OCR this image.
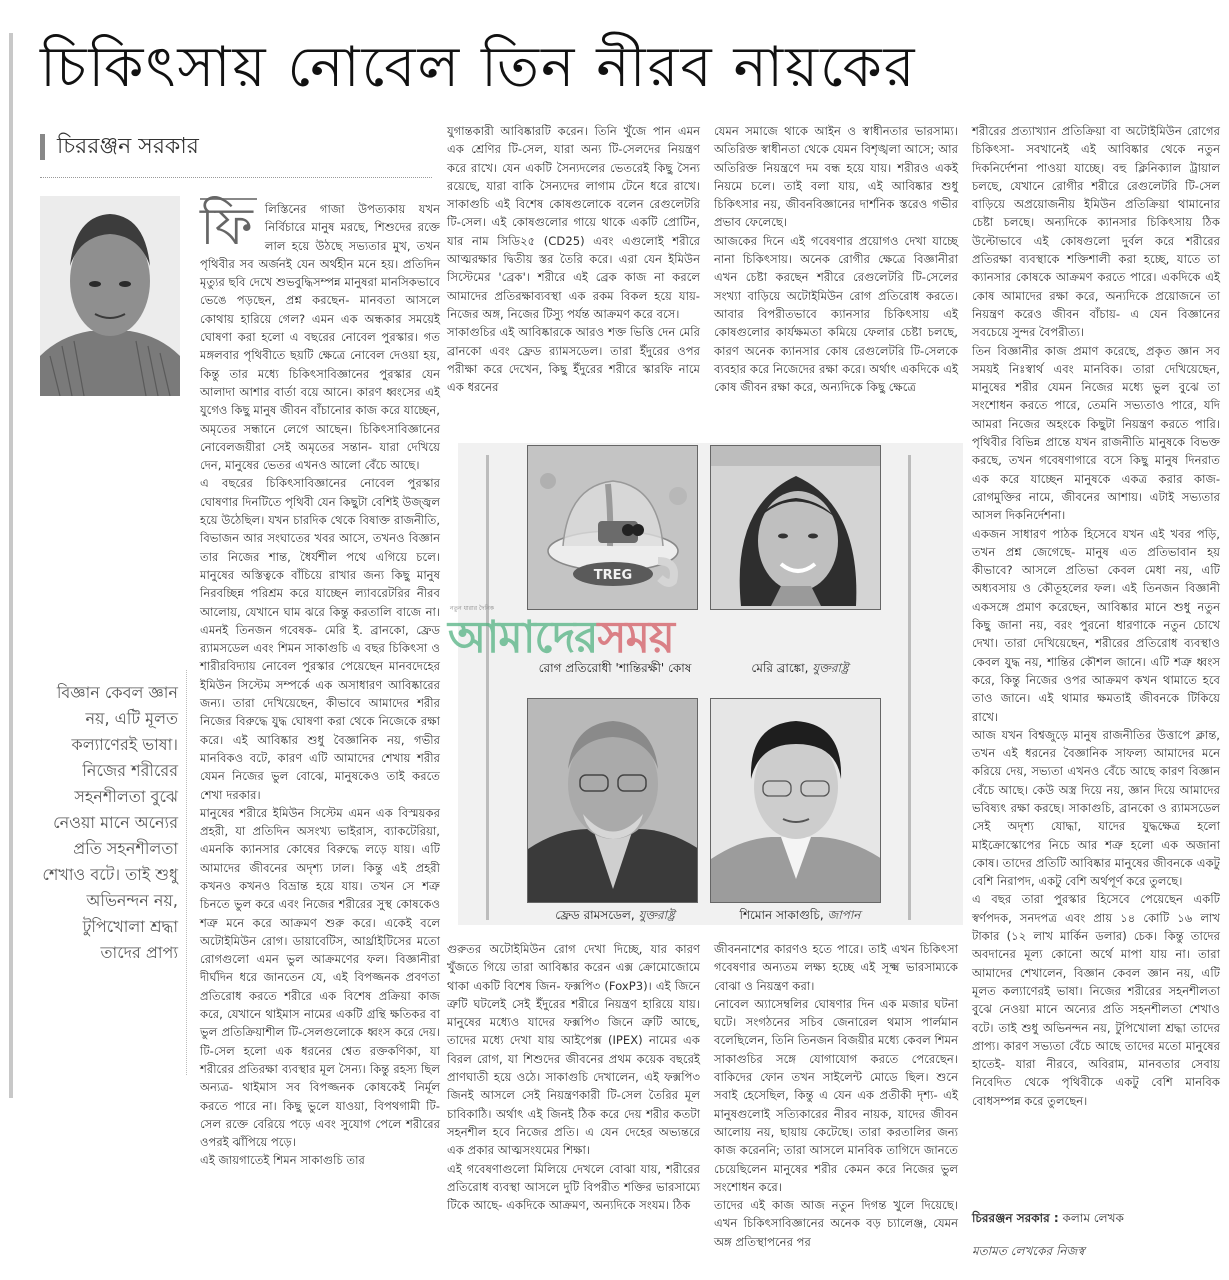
চিকিৎসায় নোবেল তিন নীরব নায়কের
চিররঞ্জন সরকার
বিজ্ঞান কেবল জ্ঞান নয়, এটি মূলত কল্যাণেরই ভাষা। নিজের শরীরের সহনশীলতা বুঝে নেওয়া মানে অন্যের প্রতি সহনশীলতা শেখাও বটে। তাই শুধু অভিনন্দন নয়, টুপিখোলা শ্রদ্ধা তাদের প্রাপ্য
ফি	লিস্তিনের গাজা উপত্যকায় যখন নির্বিচারে মানুষ মরছে, শিশুদের রক্তে লাল হয়ে উঠছে সভ্যতার মুখ, তখন পৃথিবীর সব অর্জনই যেন অর্থহীন মনে হয়। প্রতিদিন মৃত্যুর ছবি দেখে শুভবুদ্ধিসম্পন্ন মানুষরা মানসিকভাবে ভেঙে পড়ছেন, প্রশ্ন করছেন- মানবতা আসলে কোথায় হারিয়ে গেল? এমন এক অন্ধকার সময়েই ঘোষণা করা হলো এ বছরের নোবেল পুরস্কার। গত মঙ্গলবার পৃথিবীতে ছয়টি ক্ষেত্রে নোবেল দেওয়া হয়, কিন্তু তার মধ্যে চিকিৎসাবিজ্ঞানের পুরস্কার যেন আলাদা আশার বার্তা বয়ে আনে। কারণ ধ্বংসের এই যুগেও কিছু মানুষ জীবন বাঁচানোর কাজ করে যাচ্ছেন, অমৃতের সন্ধানে লেগে আছেন। চিকিৎসাবিজ্ঞানের নোবেলজয়ীরা সেই অমৃতের সন্তান- যারা দেখিয়ে দেন, মানুষের ভেতর এখনও আলো বেঁচে আছে।

এ বছরের চিকিৎসাবিজ্ঞানের নোবেল পুরস্কার ঘোষণার দিনটিতে পৃথিবী যেন কিছুটা বেশিই উজ্জ্বল হয়ে উঠেছিল। যখন চারদিক থেকে বিষাক্ত রাজনীতি, বিভাজন আর সংঘাতের খবর আসে, তখনও বিজ্ঞান তার নিজের শান্ত, ধৈর্যশীল পথে এগিয়ে চলে। মানুষের অস্তিত্বকে বাঁচিয়ে রাখার জন্য কিছু মানুষ নিরবচ্ছিন্ন পরিশ্রম করে যাচ্ছেন ল্যাবরেটরির নীরব আলোয়, যেখানে ঘাম ঝরে কিন্তু করতালি বাজে না। এমনই তিনজন গবেষক- মেরি ই. ব্রানকো, ফ্রেড র‍্যামসডেল এবং শিমন সাকাগুচি এ বছর চিকিৎসা ও শারীরবিদ্যায় নোবেল পুরস্কার পেয়েছেন মানবদেহের ইমিউন সিস্টেম সম্পর্কে এক অসাধারণ আবিষ্কারের জন্য। তারা দেখিয়েছেন, কীভাবে আমাদের শরীর নিজের বিরুদ্ধে যুদ্ধ ঘোষণা করা থেকে নিজেকে রক্ষা করে। এই আবিষ্কার শুধু বৈজ্ঞানিক নয়, গভীর মানবিকও বটে, কারণ এটি আমাদের শেখায় শরীর যেমন নিজের ভুল বোঝে, মানুষকেও তাই করতে শেখা দরকার।

মানুষের শরীরে ইমিউন সিস্টেম এমন এক বিস্ময়কর প্রহরী, যা প্রতিদিন অসংখ্য ভাইরাস, ব্যাকটেরিয়া, এমনকি ক্যানসার কোষের বিরুদ্ধে লড়ে যায়। এটি আমাদের জীবনের অদৃশ্য ঢাল। কিন্তু এই প্রহরী কখনও কখনও বিভ্রান্ত হয়ে যায়। তখন সে শত্রু চিনতে ভুল করে এবং নিজের শরীরের সুস্থ কোষকেও শত্রু মনে করে আক্রমণ শুরু করে। একেই বলে অটোইমিউন রোগ। ডায়াবেটিস, আর্থ্রাইটিসের মতো রোগগুলো এমন ভুল আক্রমণের ফল। বিজ্ঞানীরা দীর্ঘদিন ধরে জানতেন যে, এই বিপজ্জনক প্রবণতা প্রতিরোধ করতে শরীরে এক বিশেষ প্রক্রিয়া কাজ করে, যেখানে থাইমাস নামের একটি গ্রন্থি ক্ষতিকর বা ভুল প্রতিক্রিয়াশীল টি-সেলগুলোকে ধ্বংস করে দেয়। টি-সেল হলো এক ধরনের শ্বেত রক্তকণিকা, যা শরীরের প্রতিরক্ষা ব্যবস্থার মূল সৈন্য। কিন্তু রহস্য ছিল অন্যত্র- থাইমাস সব বিপজ্জনক কোষকেই নির্মূল করতে পারে না। কিছু ভুলে যাওয়া, বিপথগামী টি-সেল রক্তে বেরিয়ে পড়ে এবং সুযোগ পেলে শরীরের ওপরই ঝাঁপিয়ে পড়ে।

এই জায়গাতেই শিমন সাকাগুচি তার

যুগান্তকারী আবিষ্কারটি করেন। তিনি খুঁজে পান এমন এক শ্রেণির টি-সেল, যারা অন্য টি-সেলদের নিয়ন্ত্রণ করে রাখে। যেন একটি সৈন্যদলের ভেতরেই কিছু সৈন্য রয়েছে, যারা বাকি সৈন্যদের লাগাম টেনে ধরে রাখে। সাকাগুচি এই বিশেষ কোষগুলোকে বলেন রেগুলেটরি টি-সেল। এই কোষগুলোর গায়ে থাকে একটি প্রোটিন, যার নাম সিডি২৫ (CD25) এবং এগুলোই শরীরে আত্মরক্ষার দ্বিতীয় স্তর তৈরি করে। এরা যেন ইমিউন সিস্টেমের 'ব্রেক'। শরীরে এই ব্রেক কাজ না করলে আমাদের প্রতিরক্ষাব্যবস্থা এক রকম বিকল হয়ে যায়- নিজের অঙ্গ, নিজের টিস্যু পর্যন্ত আক্রমণ করে বসে।

সাকাগুচির এই আবিষ্কারকে আরও শক্ত ভিত্তি দেন মেরি ব্রানকো এবং ফ্রেড র‍্যামসডেল। তারা ইঁদুরের ওপর পরীক্ষা করে দেখেন, কিছু ইঁদুরের শরীরে স্কারফি নামে এক ধরনের

যেমন সমাজে থাকে আইন ও স্বাধীনতার ভারসাম্য। অতিরিক্ত স্বাধীনতা থেকে যেমন বিশৃঙ্খলা আসে; আর অতিরিক্ত নিয়ন্ত্রণে দম বন্ধ হয়ে যায়। শরীরও একই নিয়মে চলে। তাই বলা যায়, এই আবিষ্কার শুধু চিকিৎসার নয়, জীবনবিজ্ঞানের দার্শনিক স্তরেও গভীর প্রভাব ফেলেছে।

আজকের দিনে এই গবেষণার প্রয়োগও দেখা যাচ্ছে নানা চিকিৎসায়। অনেক রোগীর ক্ষেত্রে বিজ্ঞানীরা এখন চেষ্টা করছেন শরীরে রেগুলেটরি টি-সেলের সংখ্যা বাড়িয়ে অটোইমিউন রোগ প্রতিরোধ করতে। আবার বিপরীতভাবে ক্যানসার চিকিৎসায় এই কোষগুলোর কার্যক্ষমতা কমিয়ে ফেলার চেষ্টা চলছে, কারণ অনেক ক্যানসার কোষ রেগুলেটরি টি-সেলকে ব্যবহার করে নিজেদের রক্ষা করে। অর্থাৎ একদিকে এই কোষ জীবন রক্ষা করে, অন্যদিকে কিছু ক্ষেত্রে

TREG
নতুন ধারার দৈনিক
আমাদেরসময়
রোগ প্রতিরোধী 'শান্তিরক্ষী' কোষ	মেরি ব্রাঙ্কো, যুক্তরাষ্ট্র
ফ্রেড রামসডেল, যুক্তরাষ্ট্র	শিমোন সাকাগুচি, জাপান

গুরুতর অটোইমিউন রোগ দেখা দিচ্ছে, যার কারণ খুঁজতে গিয়ে তারা আবিষ্কার করেন এক্স ক্রোমোজোমে থাকা একটি বিশেষ জিন- ফক্সপি৩ (FoxP3)। এই জিনে ত্রুটি ঘটলেই সেই ইঁদুরের শরীরে নিয়ন্ত্রণ হারিয়ে যায়। মানুষের মধ্যেও যাদের ফক্সপি৩ জিনে ত্রুটি আছে, তাদের মধ্যে দেখা যায় আইপেক্স (IPEX) নামের এক বিরল রোগ, যা শিশুদের জীবনের প্রথম কয়েক বছরেই প্রাণঘাতী হয়ে ওঠে। সাকাগুচি দেখালেন, এই ফক্সপি৩ জিনই আসলে সেই নিয়ন্ত্রণকারী টি-সেল তৈরির মূল চাবিকাঠি। অর্থাৎ এই জিনই ঠিক করে দেয় শরীর কতটা সহনশীল হবে নিজের প্রতি। এ যেন দেহের অভ্যন্তরে এক প্রকার আত্মসংযমের শিক্ষা।

এই গবেষণাগুলো মিলিয়ে দেখলে বোঝা যায়, শরীরের প্রতিরোধ ব্যবস্থা আসলে দুটি বিপরীত শক্তির ভারসাম্যে টিকে আছে- একদিকে আক্রমণ, অন্যদিকে সংযম। ঠিক

জীবননাশের কারণও হতে পারে। তাই এখন চিকিৎসা গবেষণার অন্যতম লক্ষ্য হচ্ছে এই সূক্ষ্ম ভারসাম্যকে বোঝা ও নিয়ন্ত্রণ করা।

নোবেল অ্যাসেম্বলির ঘোষণার দিন এক মজার ঘটনা ঘটে। সংগঠনের সচিব জেনারেল থমাস পার্লমান বলেছিলেন, তিনি তিনজন বিজয়ীর মধ্যে কেবল শিমন সাকাগুচির সঙ্গে যোগাযোগ করতে পেরেছেন। বাকিদের ফোন তখন সাইলেন্ট মোডে ছিল। শুনে সবাই হেসেছিল, কিন্তু এ যেন এক প্রতীকী দৃশ্য- এই মানুষগুলোই সত্যিকারের নীরব নায়ক, যাদের জীবন আলোয় নয়, ছায়ায় কেটেছে। তারা করতালির জন্য কাজ করেননি; তারা আসলে মানবিক তাগিদে জানতে চেয়েছিলেন মানুষের শরীর কেমন করে নিজের ভুল সংশোধন করে।

তাদের এই কাজ আজ নতুন দিগন্ত খুলে দিয়েছে। এখন চিকিৎসাবিজ্ঞানের অনেক বড় চ্যালেঞ্জ, যেমন অঙ্গ প্রতিস্থাপনের পর

শরীরের প্রত্যাখ্যান প্রতিক্রিয়া বা অটোইমিউন রোগের চিকিৎসা- সবখানেই এই আবিষ্কার থেকে নতুন দিকনির্দেশনা পাওয়া যাচ্ছে। বহু ক্লিনিক্যাল ট্রায়াল চলছে, যেখানে রোগীর শরীরে রেগুলেটরি টি-সেল বাড়িয়ে অপ্রয়োজনীয় ইমিউন প্রতিক্রিয়া থামানোর চেষ্টা চলছে। অন্যদিকে ক্যানসার চিকিৎসায় ঠিক উল্টোভাবে এই কোষগুলো দুর্বল করে শরীরের প্রতিরক্ষা ব্যবস্থাকে শক্তিশালী করা হচ্ছে, যাতে তা ক্যানসার কোষকে আক্রমণ করতে পারে। একদিকে এই কোষ আমাদের রক্ষা করে, অন্যদিকে প্রয়োজনে তা নিয়ন্ত্রণ করেও জীবন বাঁচায়- এ যেন বিজ্ঞানের সবচেয়ে সুন্দর বৈপরীত্য।

তিন বিজ্ঞানীর কাজ প্রমাণ করেছে, প্রকৃত জ্ঞান সব সময়ই নিঃস্বার্থ এবং মানবিক। তারা দেখিয়েছেন, মানুষের শরীর যেমন নিজের মধ্যে ভুল বুঝে তা সংশোধন করতে পারে, তেমনি সভ্যতাও পারে, যদি আমরা নিজের অহংকে কিছুটা নিয়ন্ত্রণ করতে পারি। পৃথিবীর বিভিন্ন প্রান্তে যখন রাজনীতি মানুষকে বিভক্ত করছে, তখন গবেষণাগারে বসে কিছু মানুষ দিনরাত এক করে যাচ্ছেন মানুষকে একত্র করার কাজ- রোগমুক্তির নামে, জীবনের আশায়। এটাই সভ্যতার আসল দিকনির্দেশনা।

একজন সাধারণ পাঠক হিসেবে যখন এই খবর পড়ি, তখন প্রশ্ন জেগেছে- মানুষ এত প্রতিভাবান হয় কীভাবে? আসলে প্রতিভা কেবল মেধা নয়, এটি অধ্যবসায় ও কৌতূহলের ফল। এই তিনজন বিজ্ঞানী একসঙ্গে প্রমাণ করেছেন, আবিষ্কার মানে শুধু নতুন কিছু জানা নয়, বরং পুরনো ধারণাকে নতুন চোখে দেখা। তারা দেখিয়েছেন, শরীরের প্রতিরোধ ব্যবস্থাও কেবল যুদ্ধ নয়, শান্তির কৌশল জানে। এটি শত্রু ধ্বংস করে, কিন্তু নিজের ওপর আক্রমণ কখন থামাতে হবে তাও জানে। এই থামার ক্ষমতাই জীবনকে টিকিয়ে রাখে।

আজ যখন বিশ্বজুড়ে মানুষ রাজনীতির উত্তাপে ক্লান্ত, তখন এই ধরনের বৈজ্ঞানিক সাফল্য আমাদের মনে করিয়ে দেয়, সভ্যতা এখনও বেঁচে আছে কারণ বিজ্ঞান বেঁচে আছে। কেউ অস্ত্র দিয়ে নয়, জ্ঞান দিয়ে আমাদের ভবিষ্যৎ রক্ষা করছে। সাকাগুচি, ব্রানকো ও র‍্যামসডেল সেই অদৃশ্য যোদ্ধা, যাদের যুদ্ধক্ষেত্র হলো মাইক্রোস্কোপের নিচে আর শত্রু হলো এক অজানা কোষ। তাদের প্রতিটি আবিষ্কার মানুষের জীবনকে একটু বেশি নিরাপদ, একটু বেশি অর্থপূর্ণ করে তুলছে।

এ বছর তারা পুরস্কার হিসেবে পেয়েছেন একটি স্বর্ণপদক, সনদপত্র এবং প্রায় ১৪ কোটি ১৬ লাখ টাকার (১২ লাখ মার্কিন ডলার) চেক। কিন্তু তাদের অবদানের মূল্য কোনো অর্থে মাপা যায় না। তারা আমাদের শেখালেন, বিজ্ঞান কেবল জ্ঞান নয়, এটি মূলত কল্যাণেরই ভাষা। নিজের শরীরের সহনশীলতা বুঝে নেওয়া মানে অন্যের প্রতি সহনশীলতা শেখাও বটে। তাই শুধু অভিনন্দন নয়, টুপিখোলা শ্রদ্ধা তাদের প্রাপ্য। কারণ সভ্যতা বেঁচে আছে তাদের মতো মানুষের হাতেই- যারা নীরবে, অবিরাম, মানবতার সেবায় নিবেদিত থেকে পৃথিবীকে একটু বেশি মানবিক বোধসম্পন্ন করে তুলছেন।

চিররঞ্জন সরকার : কলাম লেখক
মতামত লেখকের নিজস্ব
